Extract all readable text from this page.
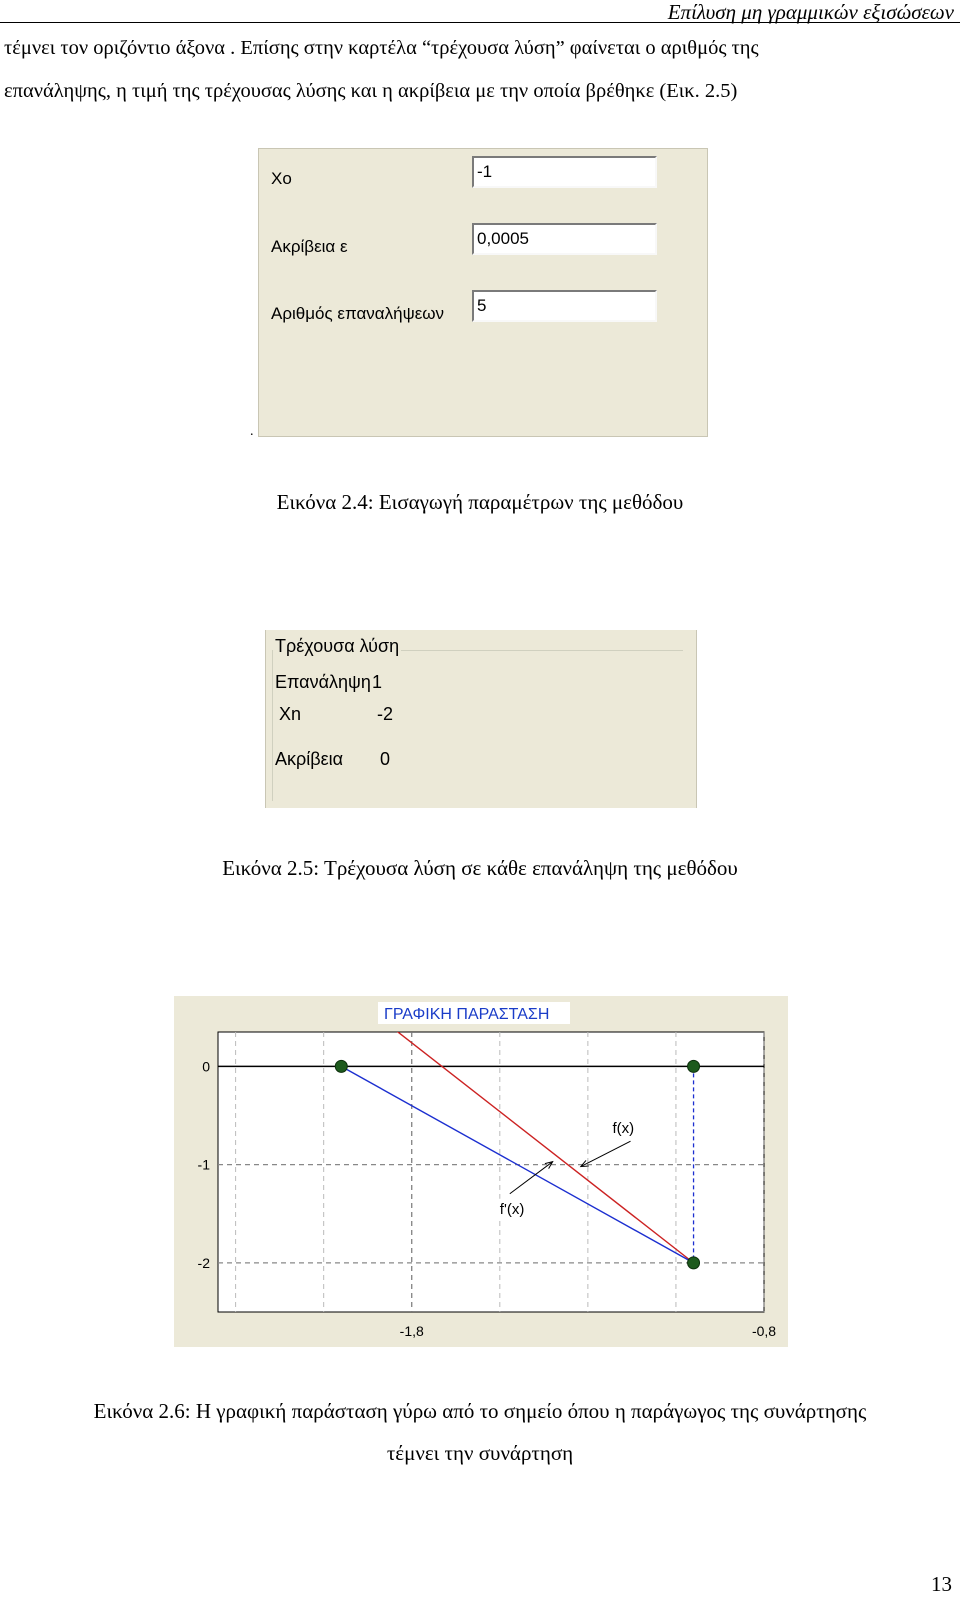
Επίλυση μη γραμμικών εξισώσεων
τέμνει τον οριζόντιο άξονα . Επίσης στην καρτέλα “τρέχουσα λύση” φαίνεται ο αριθμός της
επανάληψης, η τιμή της τρέχουσας λύσης και η ακρίβεια με την οποία βρέθηκε (Εικ. 2.5)
Xo
-1
Ακρίβεια ε
0,0005
Αριθμός επαναλήψεων
5
.
Εικόνα 2.4: Εισαγωγή παραμέτρων της μεθόδου
Τρέχουσα λύση
Επανάληψη 1
Xn	-2
Ακρίβεια 0
Εικόνα 2.5: Τρέχουσα λύση σε κάθε επανάληψη της μεθόδου
ΓΡΑΦΙΚΗ ΠΑΡΑΣΤΑΣΗ
0
-1
-2
-1,8	-0,8
f(x)
f'(x)
Εικόνα 2.6: Η γραφική παράσταση γύρω από το σημείο όπου η παράγωγος της συνάρτησης
τέμνει την συνάρτηση
13
